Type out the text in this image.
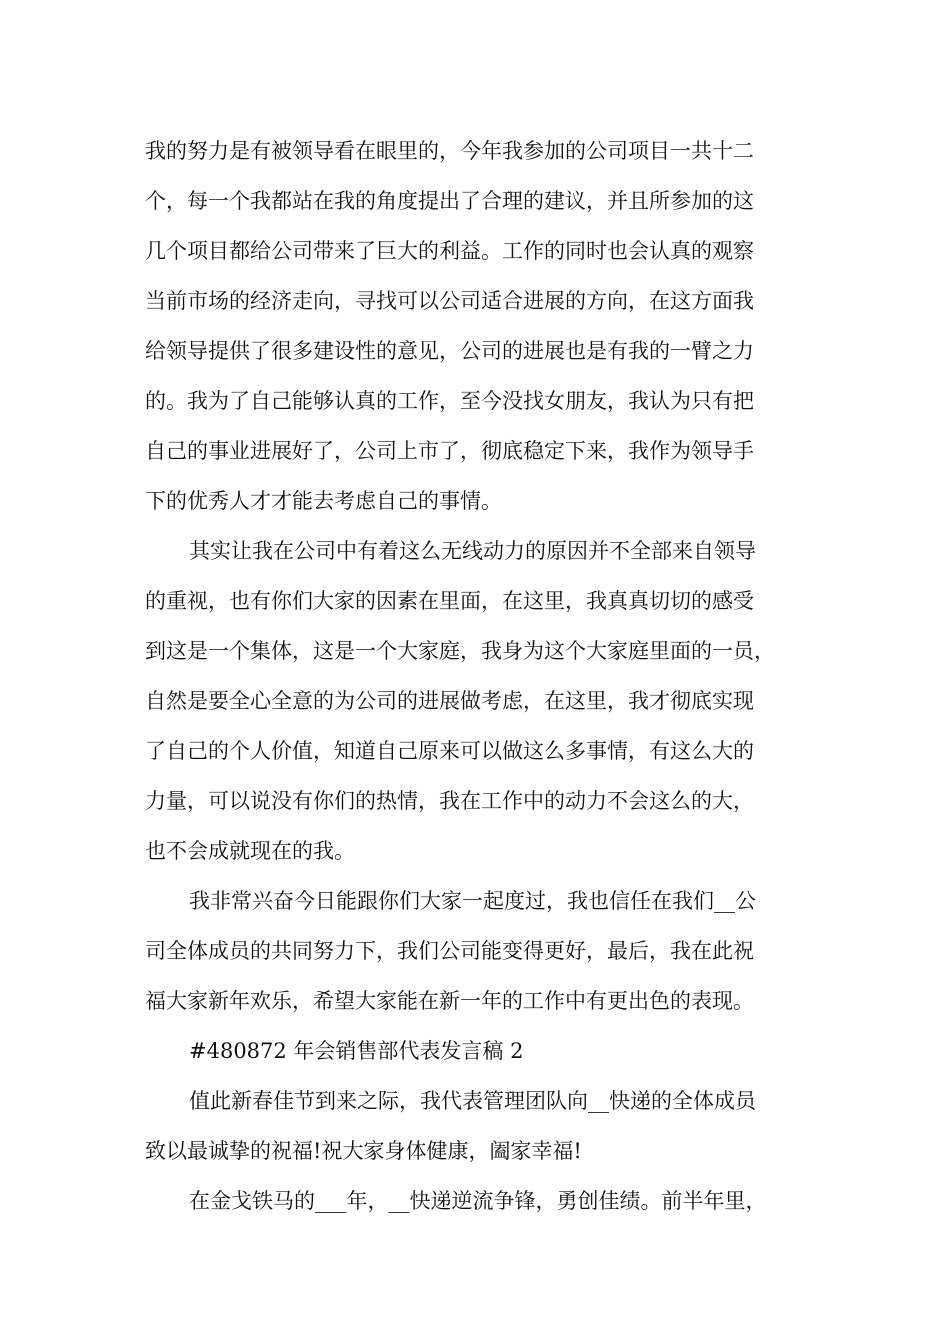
我的努力是有被领导看在眼里的，今年我参加的公司项目一共十二
个，每一个我都站在我的角度提出了合理的建议，并且所参加的这
几个项目都给公司带来了巨大的利益。工作的同时也会认真的观察
当前市场的经济走向，寻找可以公司适合进展的方向，在这方面我
给领导提供了很多建设性的意见，公司的进展也是有我的一臂之力
的。我为了自己能够认真的工作，至今没找女朋友，我认为只有把
自己的事业进展好了，公司上市了，彻底稳定下来，我作为领导手
下的优秀人才才能去考虑自己的事情。
其实让我在公司中有着这么无线动力的原因并不全部来自领导
的重视，也有你们大家的因素在里面，在这里，我真真切切的感受
到这是一个集体，这是一个大家庭，我身为这个大家庭里面的一员，
自然是要全心全意的为公司的进展做考虑，在这里，我才彻底实现
了自己的个人价值，知道自己原来可以做这么多事情，有这么大的
力量，可以说没有你们的热情，我在工作中的动力不会这么的大，
也不会成就现在的我。
我非常兴奋今日能跟你们大家一起度过，我也信任在我们__公
司全体成员的共同努力下，我们公司能变得更好，最后，我在此祝
福大家新年欢乐，希望大家能在新一年的工作中有更出色的表现。
#480872 年会销售部代表发言稿 2
值此新春佳节到来之际，我代表管理团队向__快递的全体成员
致以最诚挚的祝福!祝大家身体健康，阖家幸福!
在金戈铁马的___年，__快递逆流争锋，勇创佳绩。前半年里，
